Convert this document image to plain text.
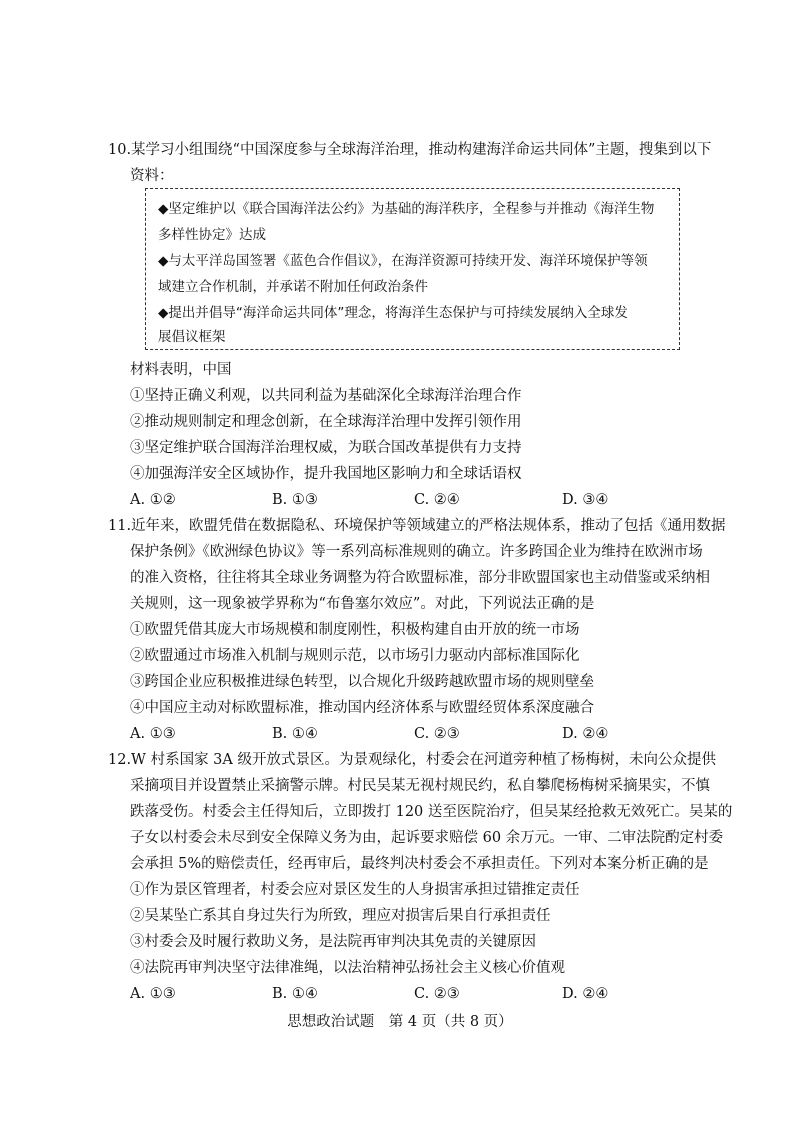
10.某学习小组围绕“中国深度参与全球海洋治理，推动构建海洋命运共同体”主题，搜集到以下
资料：
◆坚定维护以《联合国海洋法公约》为基础的海洋秩序，全程参与并推动《海洋生物
多样性协定》达成
◆与太平洋岛国签署《蓝色合作倡议》，在海洋资源可持续开发、海洋环境保护等领
域建立合作机制，并承诺不附加任何政治条件
◆提出并倡导“海洋命运共同体”理念，将海洋生态保护与可持续发展纳入全球发
展倡议框架
材料表明，中国
①坚持正确义利观，以共同利益为基础深化全球海洋治理合作
②推动规则制定和理念创新，在全球海洋治理中发挥引领作用
③坚定维护联合国海洋治理权威，为联合国改革提供有力支持
④加强海洋安全区域协作，提升我国地区影响力和全球话语权
A. ①②	B. ①③	C. ②④	D. ③④
11.近年来，欧盟凭借在数据隐私、环境保护等领域建立的严格法规体系，推动了包括《通用数据
保护条例》《欧洲绿色协议》等一系列高标准规则的确立。许多跨国企业为维持在欧洲市场
的准入资格，往往将其全球业务调整为符合欧盟标准，部分非欧盟国家也主动借鉴或采纳相
关规则，这一现象被学界称为“布鲁塞尔效应”。对此，下列说法正确的是
①欧盟凭借其庞大市场规模和制度刚性，积极构建自由开放的统一市场
②欧盟通过市场准入机制与规则示范，以市场引力驱动内部标准国际化
③跨国企业应积极推进绿色转型，以合规化升级跨越欧盟市场的规则壁垒
④中国应主动对标欧盟标准，推动国内经济体系与欧盟经贸体系深度融合
A. ①③	B. ①④	C. ②③	D. ②④
12.W 村系国家 3A 级开放式景区。为景观绿化，村委会在河道旁种植了杨梅树，未向公众提供
采摘项目并设置禁止采摘警示牌。村民吴某无视村规民约，私自攀爬杨梅树采摘果实，不慎
跌落受伤。村委会主任得知后，立即拨打 120 送至医院治疗，但吴某经抢救无效死亡。吴某的
子女以村委会未尽到安全保障义务为由，起诉要求赔偿 60 余万元。一审、二审法院酌定村委
会承担 5%的赔偿责任，经再审后，最终判决村委会不承担责任。下列对本案分析正确的是
①作为景区管理者，村委会应对景区发生的人身损害承担过错推定责任
②吴某坠亡系其自身过失行为所致，理应对损害后果自行承担责任
③村委会及时履行救助义务，是法院再审判决其免责的关键原因
④法院再审判决坚守法律准绳，以法治精神弘扬社会主义核心价值观
A. ①③	B. ①④	C. ②③	D. ②④
思想政治试题　第 4 页（共 8 页）
